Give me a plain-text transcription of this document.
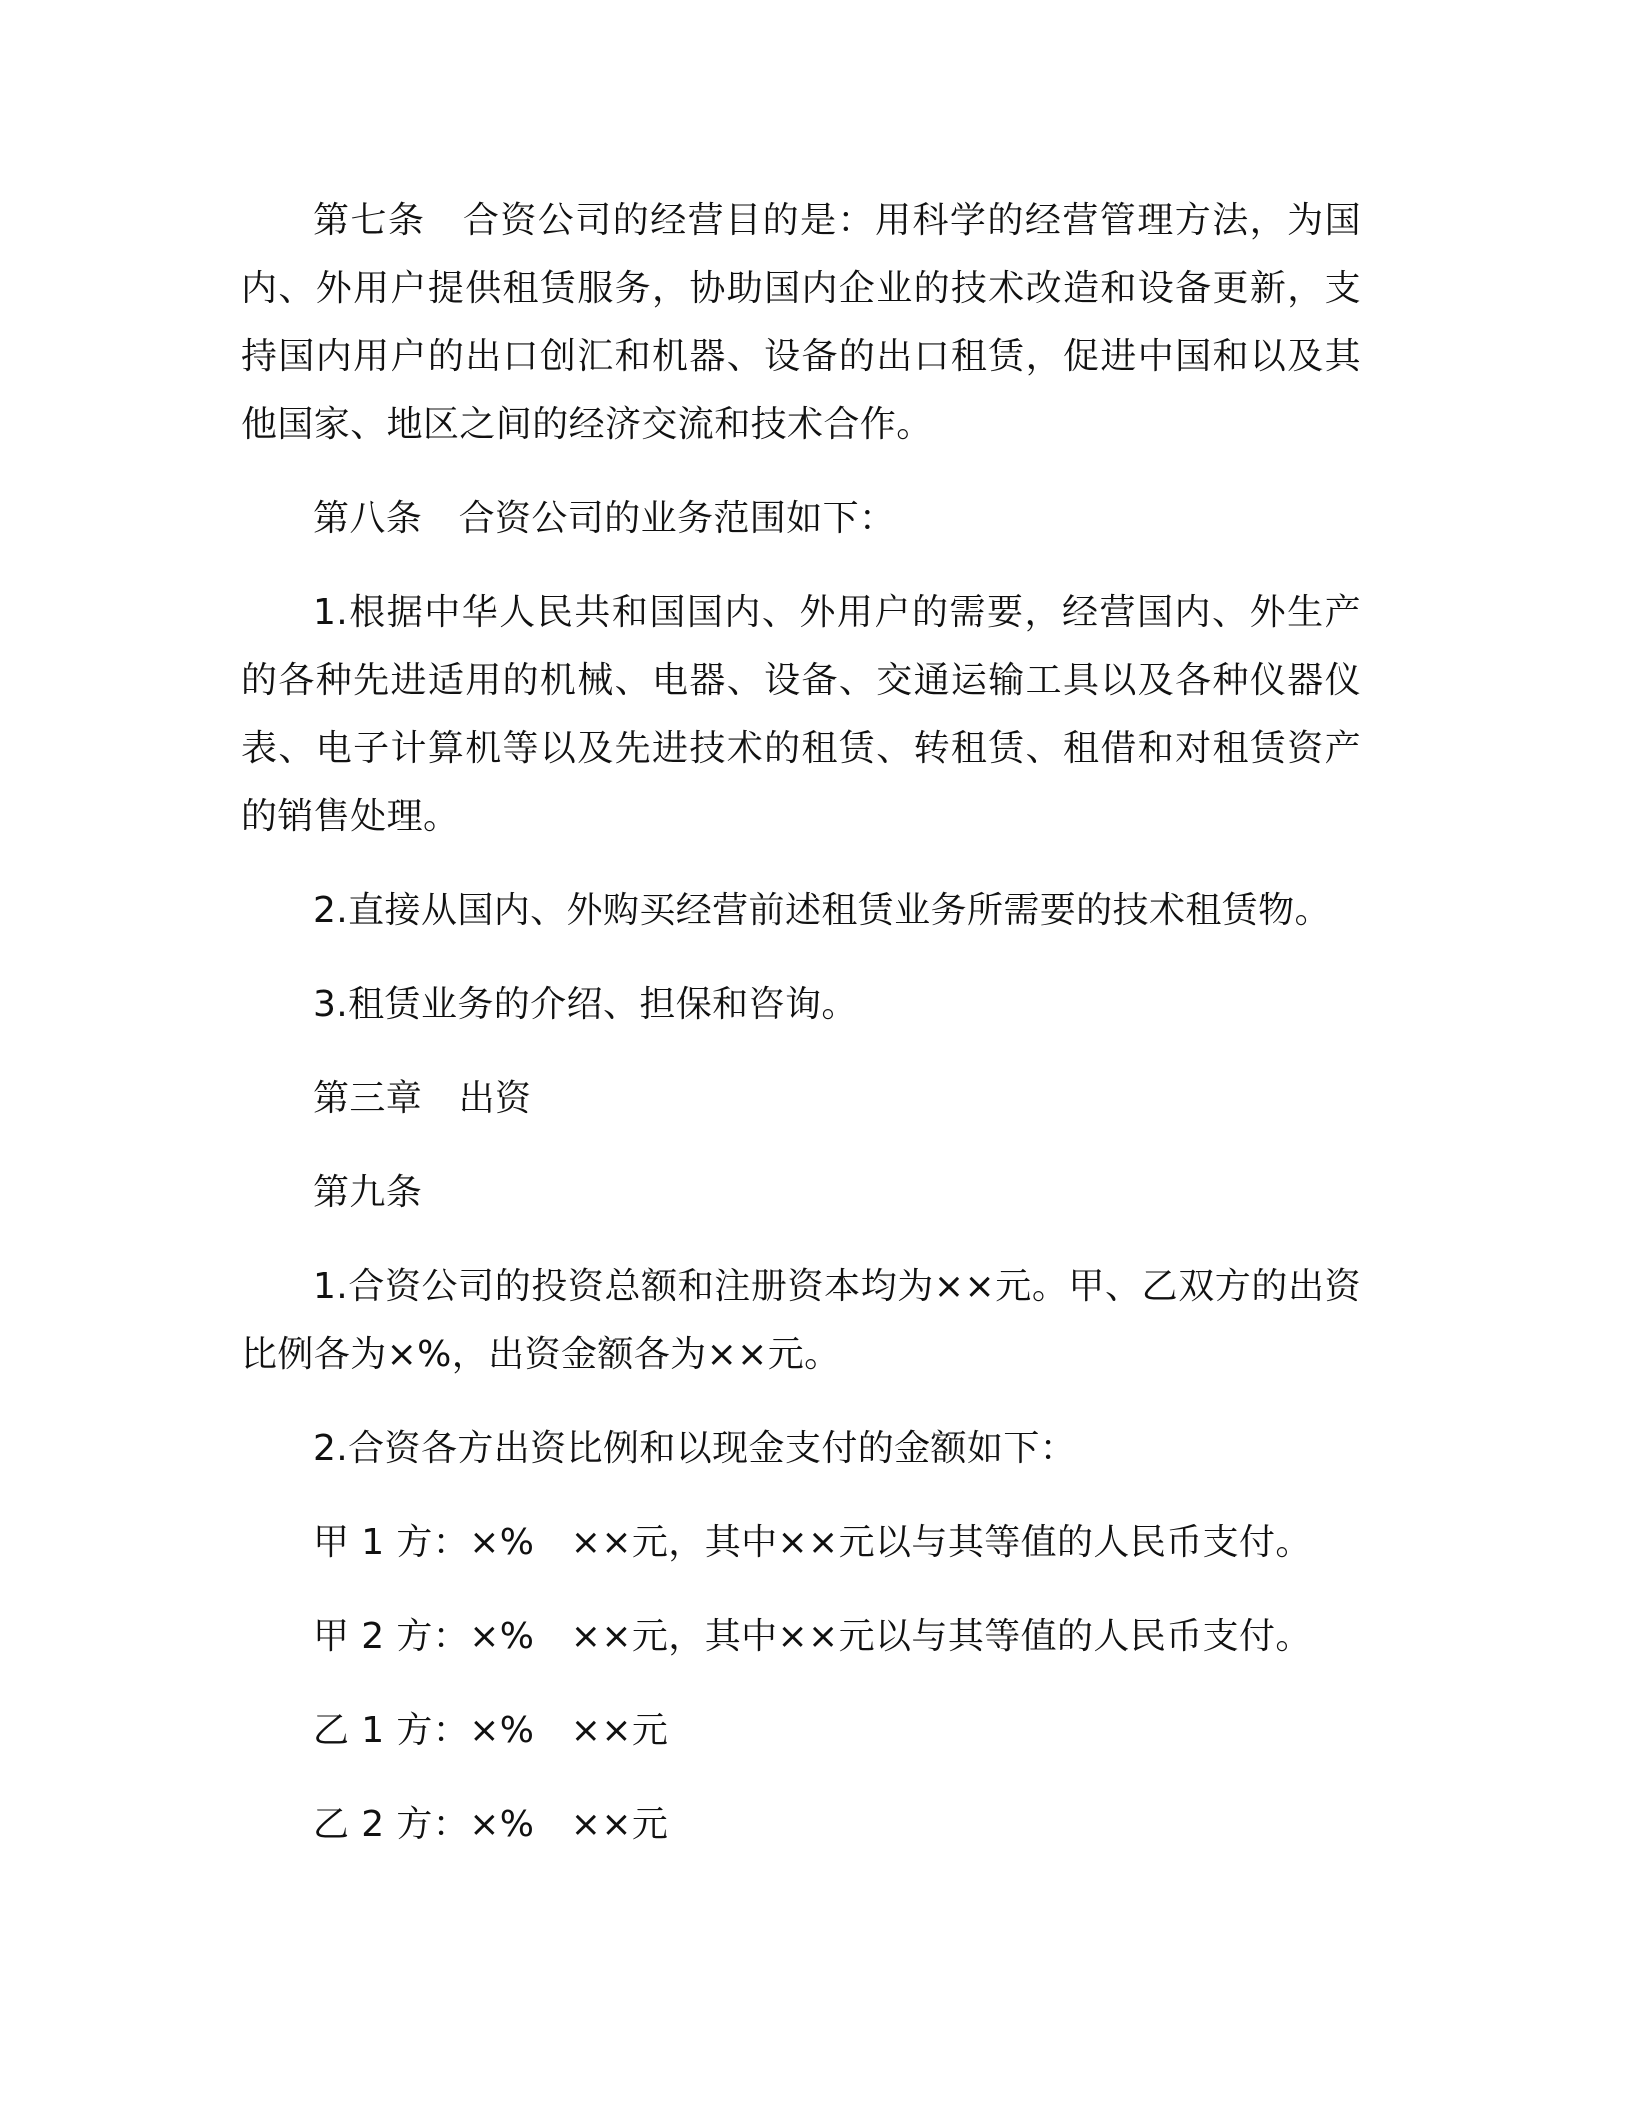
第七条　合资公司的经营目的是：用科学的经营管理方法，为国内、外用户提供租赁服务，协助国内企业的技术改造和设备更新，支持国内用户的出口创汇和机器、设备的出口租赁，促进中国和以及其他国家、地区之间的经济交流和技术合作。

第八条　合资公司的业务范围如下：

1.根据中华人民共和国国内、外用户的需要，经营国内、外生产的各种先进适用的机械、电器、设备、交通运输工具以及各种仪器仪表、电子计算机等以及先进技术的租赁、转租赁、租借和对租赁资产的销售处理。

2.直接从国内、外购买经营前述租赁业务所需要的技术租赁物。

3.租赁业务的介绍、担保和咨询。

第三章　出资

第九条

1.合资公司的投资总额和注册资本均为××元。甲、乙双方的出资比例各为×%，出资金额各为××元。

2.合资各方出资比例和以现金支付的金额如下：

甲 1 方：×%　××元，其中××元以与其等值的人民币支付。

甲 2 方：×%　××元，其中××元以与其等值的人民币支付。

乙 1 方：×%　××元

乙 2 方：×%　××元
